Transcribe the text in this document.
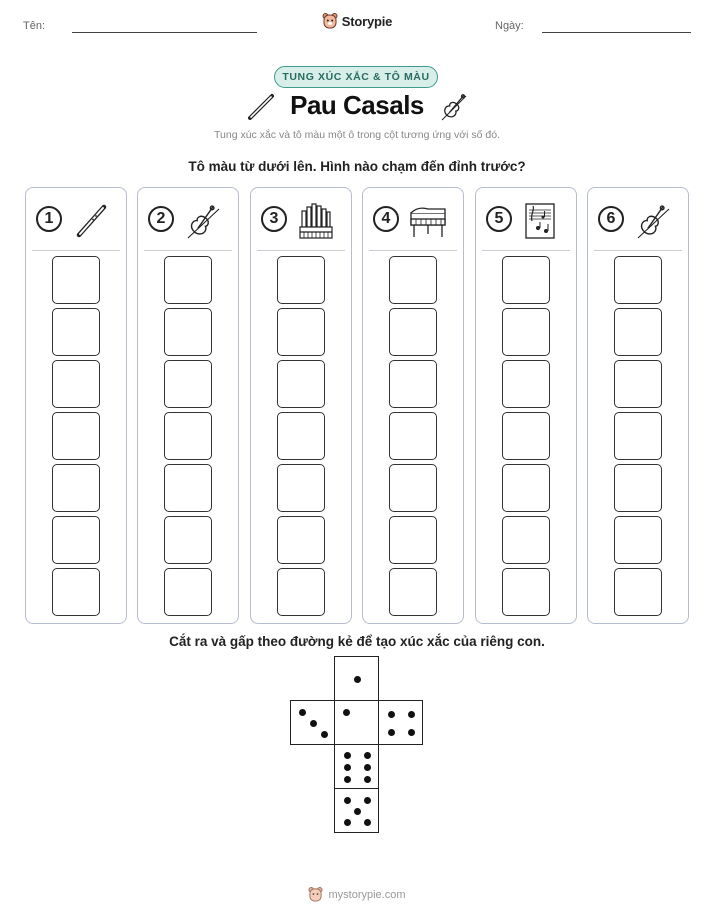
Tên:	Ngày:
Storypie
TUNG XÚC XẮC & TÔ MÀU
Pau Casals
Tung xúc xắc và tô màu một ô trong cột tương ứng với số đó.
Tô màu từ dưới lên. Hình nào chạm đến đỉnh trước?
1	2	3	4	5	6
Cắt ra và gấp theo đường kẻ để tạo xúc xắc của riêng con.
mystorypie.com
